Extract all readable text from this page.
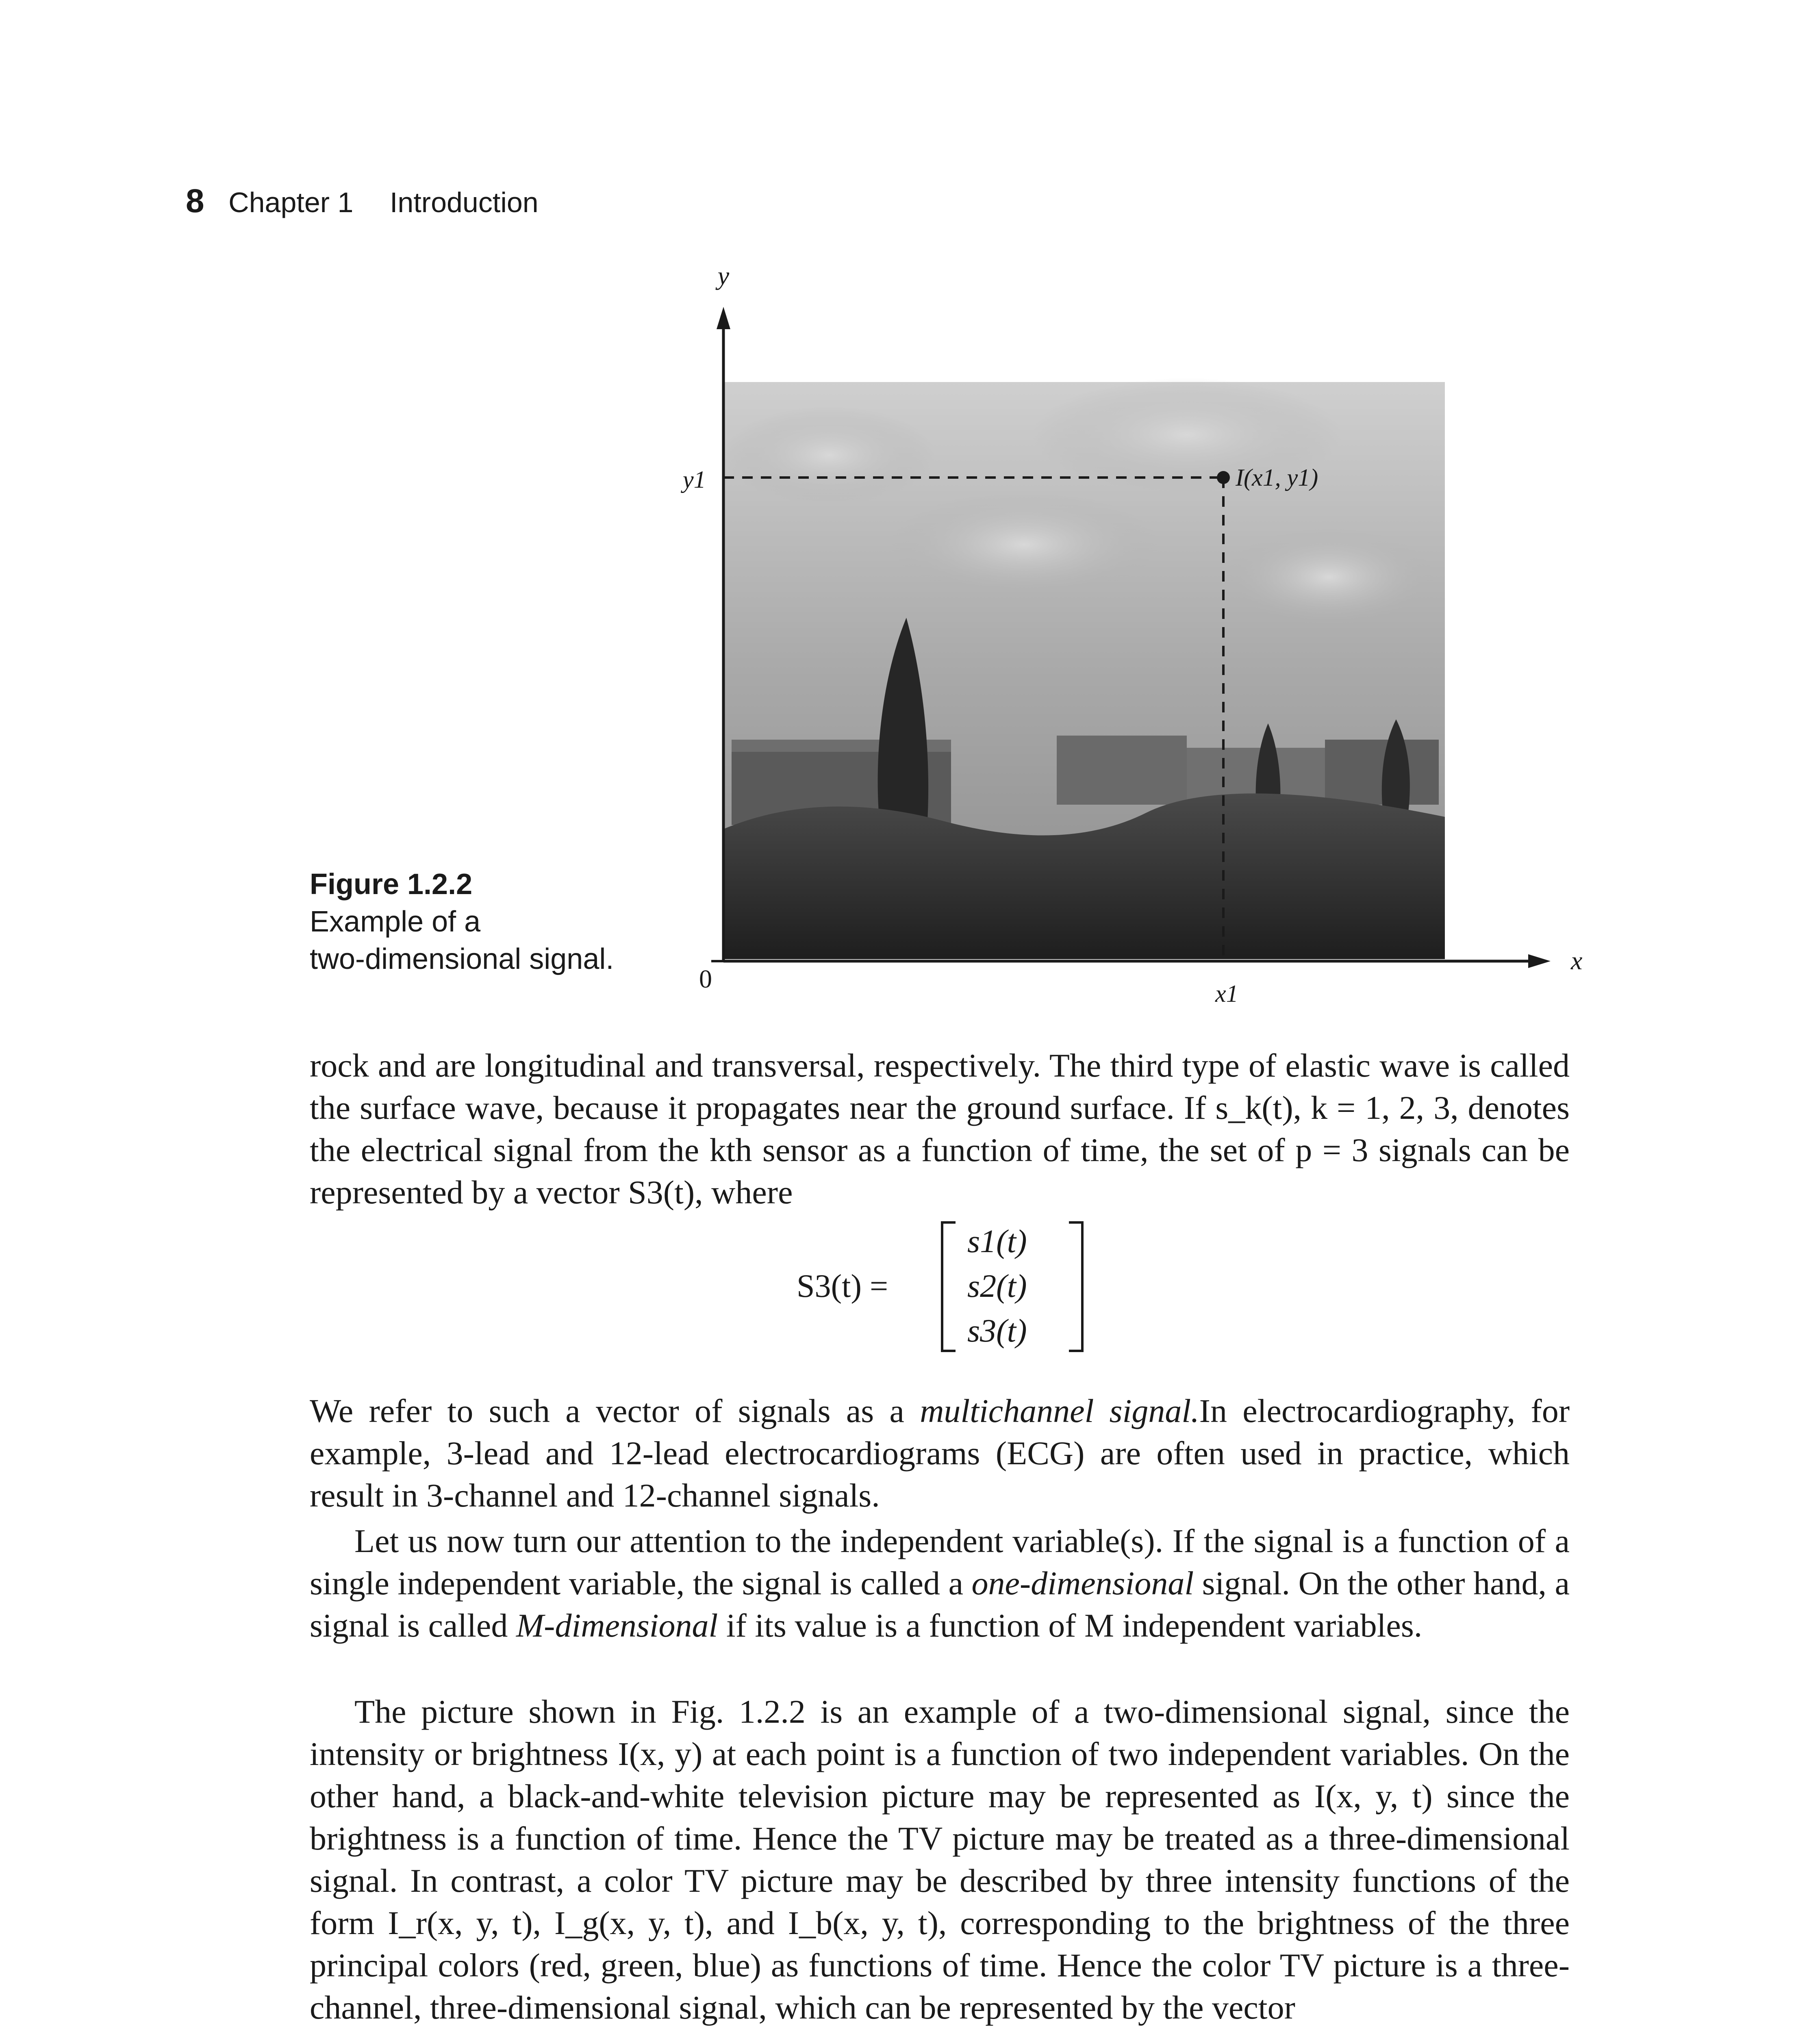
8 Chapter 1 Introduction
Figure 1.2.2
Example of a
two-dimensional signal.
y
x
0
y1
x1
I(x1, y1)

rock and are longitudinal and transversal, respectively. The third type of elastic wave is called the surface wave, because it propagates near the ground surface. If s_k(t), k = 1, 2, 3, denotes the electrical signal from the kth sensor as a function of time, the set of p = 3 signals can be represented by a vector S3(t), where

S3(t) =
s1(t)
s2(t)
s3(t)

We refer to such a vector of signals as a multichannel signal.In electrocardiography, for example, 3-lead and 12-lead electrocardiograms (ECG) are often used in practice, which result in 3-channel and 12-channel signals.

Let us now turn our attention to the independent variable(s). If the signal is a function of a single independent variable, the signal is called a one-dimensional signal. On the other hand, a signal is called M-dimensional if its value is a function of M independent variables.

The picture shown in Fig. 1.2.2 is an example of a two-dimensional signal, since the intensity or brightness I(x, y) at each point is a function of two independent variables. On the other hand, a black-and-white television picture may be represented as I(x, y, t) since the brightness is a function of time. Hence the TV picture may be treated as a three-dimensional signal. In contrast, a color TV picture may be described by three intensity functions of the form I_r(x, y, t), I_g(x, y, t), and I_b(x, y, t), corresponding to the brightness of the three principal colors (red, green, blue) as functions of time. Hence the color TV picture is a three-channel, three-dimensional signal, which can be represented by the vector
